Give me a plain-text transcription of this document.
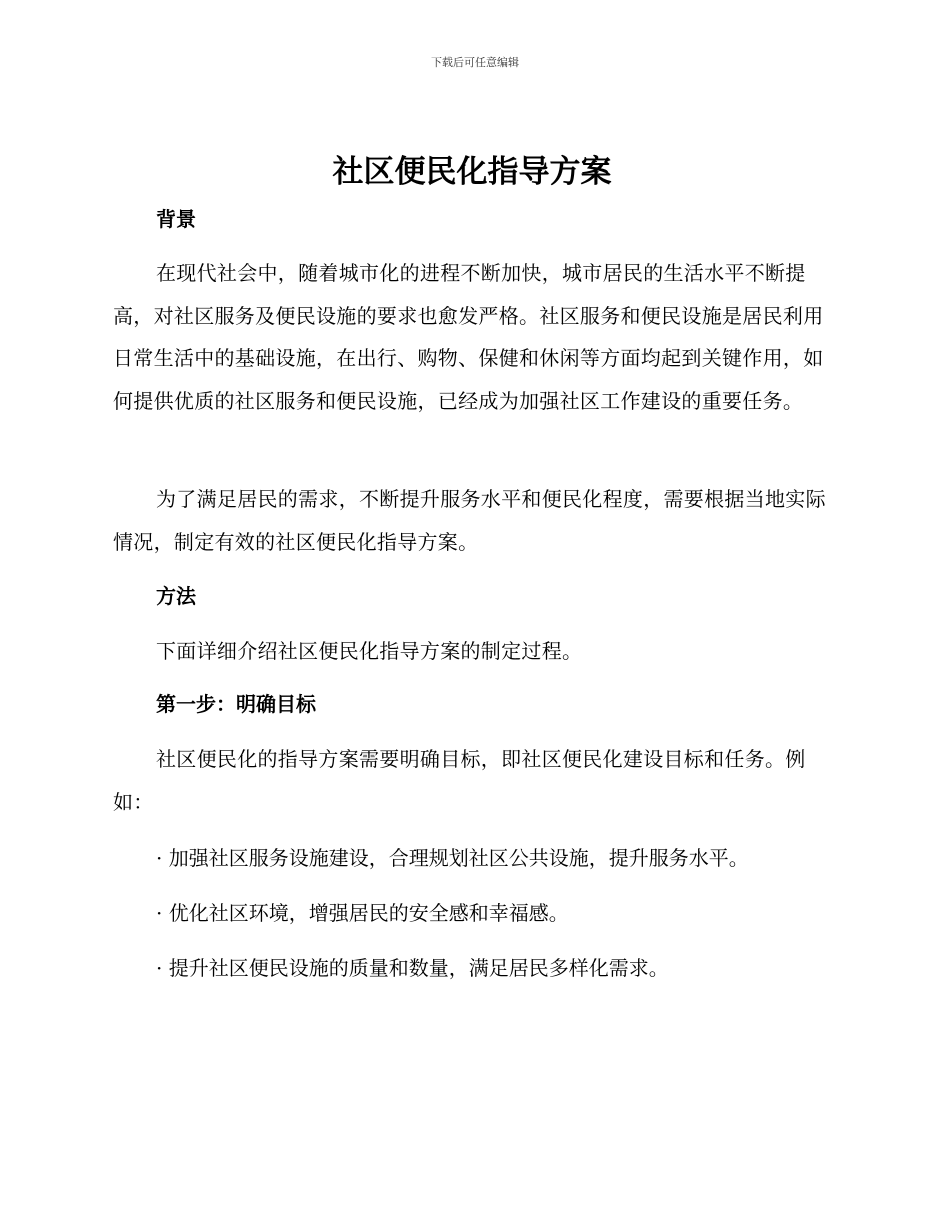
下载后可任意编辑
社区便民化指导方案
背景

在现代社会中，随着城市化的进程不断加快，城市居民的生活水平不断提高，对社区服务及便民设施的要求也愈发严格。社区服务和便民设施是居民利用日常生活中的基础设施，在出行、购物、保健和休闲等方面均起到关键作用，如何提供优质的社区服务和便民设施，已经成为加强社区工作建设的重要任务。

为了满足居民的需求，不断提升服务水平和便民化程度，需要根据当地实际情况，制定有效的社区便民化指导方案。

方法

下面详细介绍社区便民化指导方案的制定过程。

第一步：明确目标

社区便民化的指导方案需要明确目标，即社区便民化建设目标和任务。例如：

· 加强社区服务设施建设，合理规划社区公共设施，提升服务水平。

· 优化社区环境，增强居民的安全感和幸福感。

· 提升社区便民设施的质量和数量，满足居民多样化需求。
